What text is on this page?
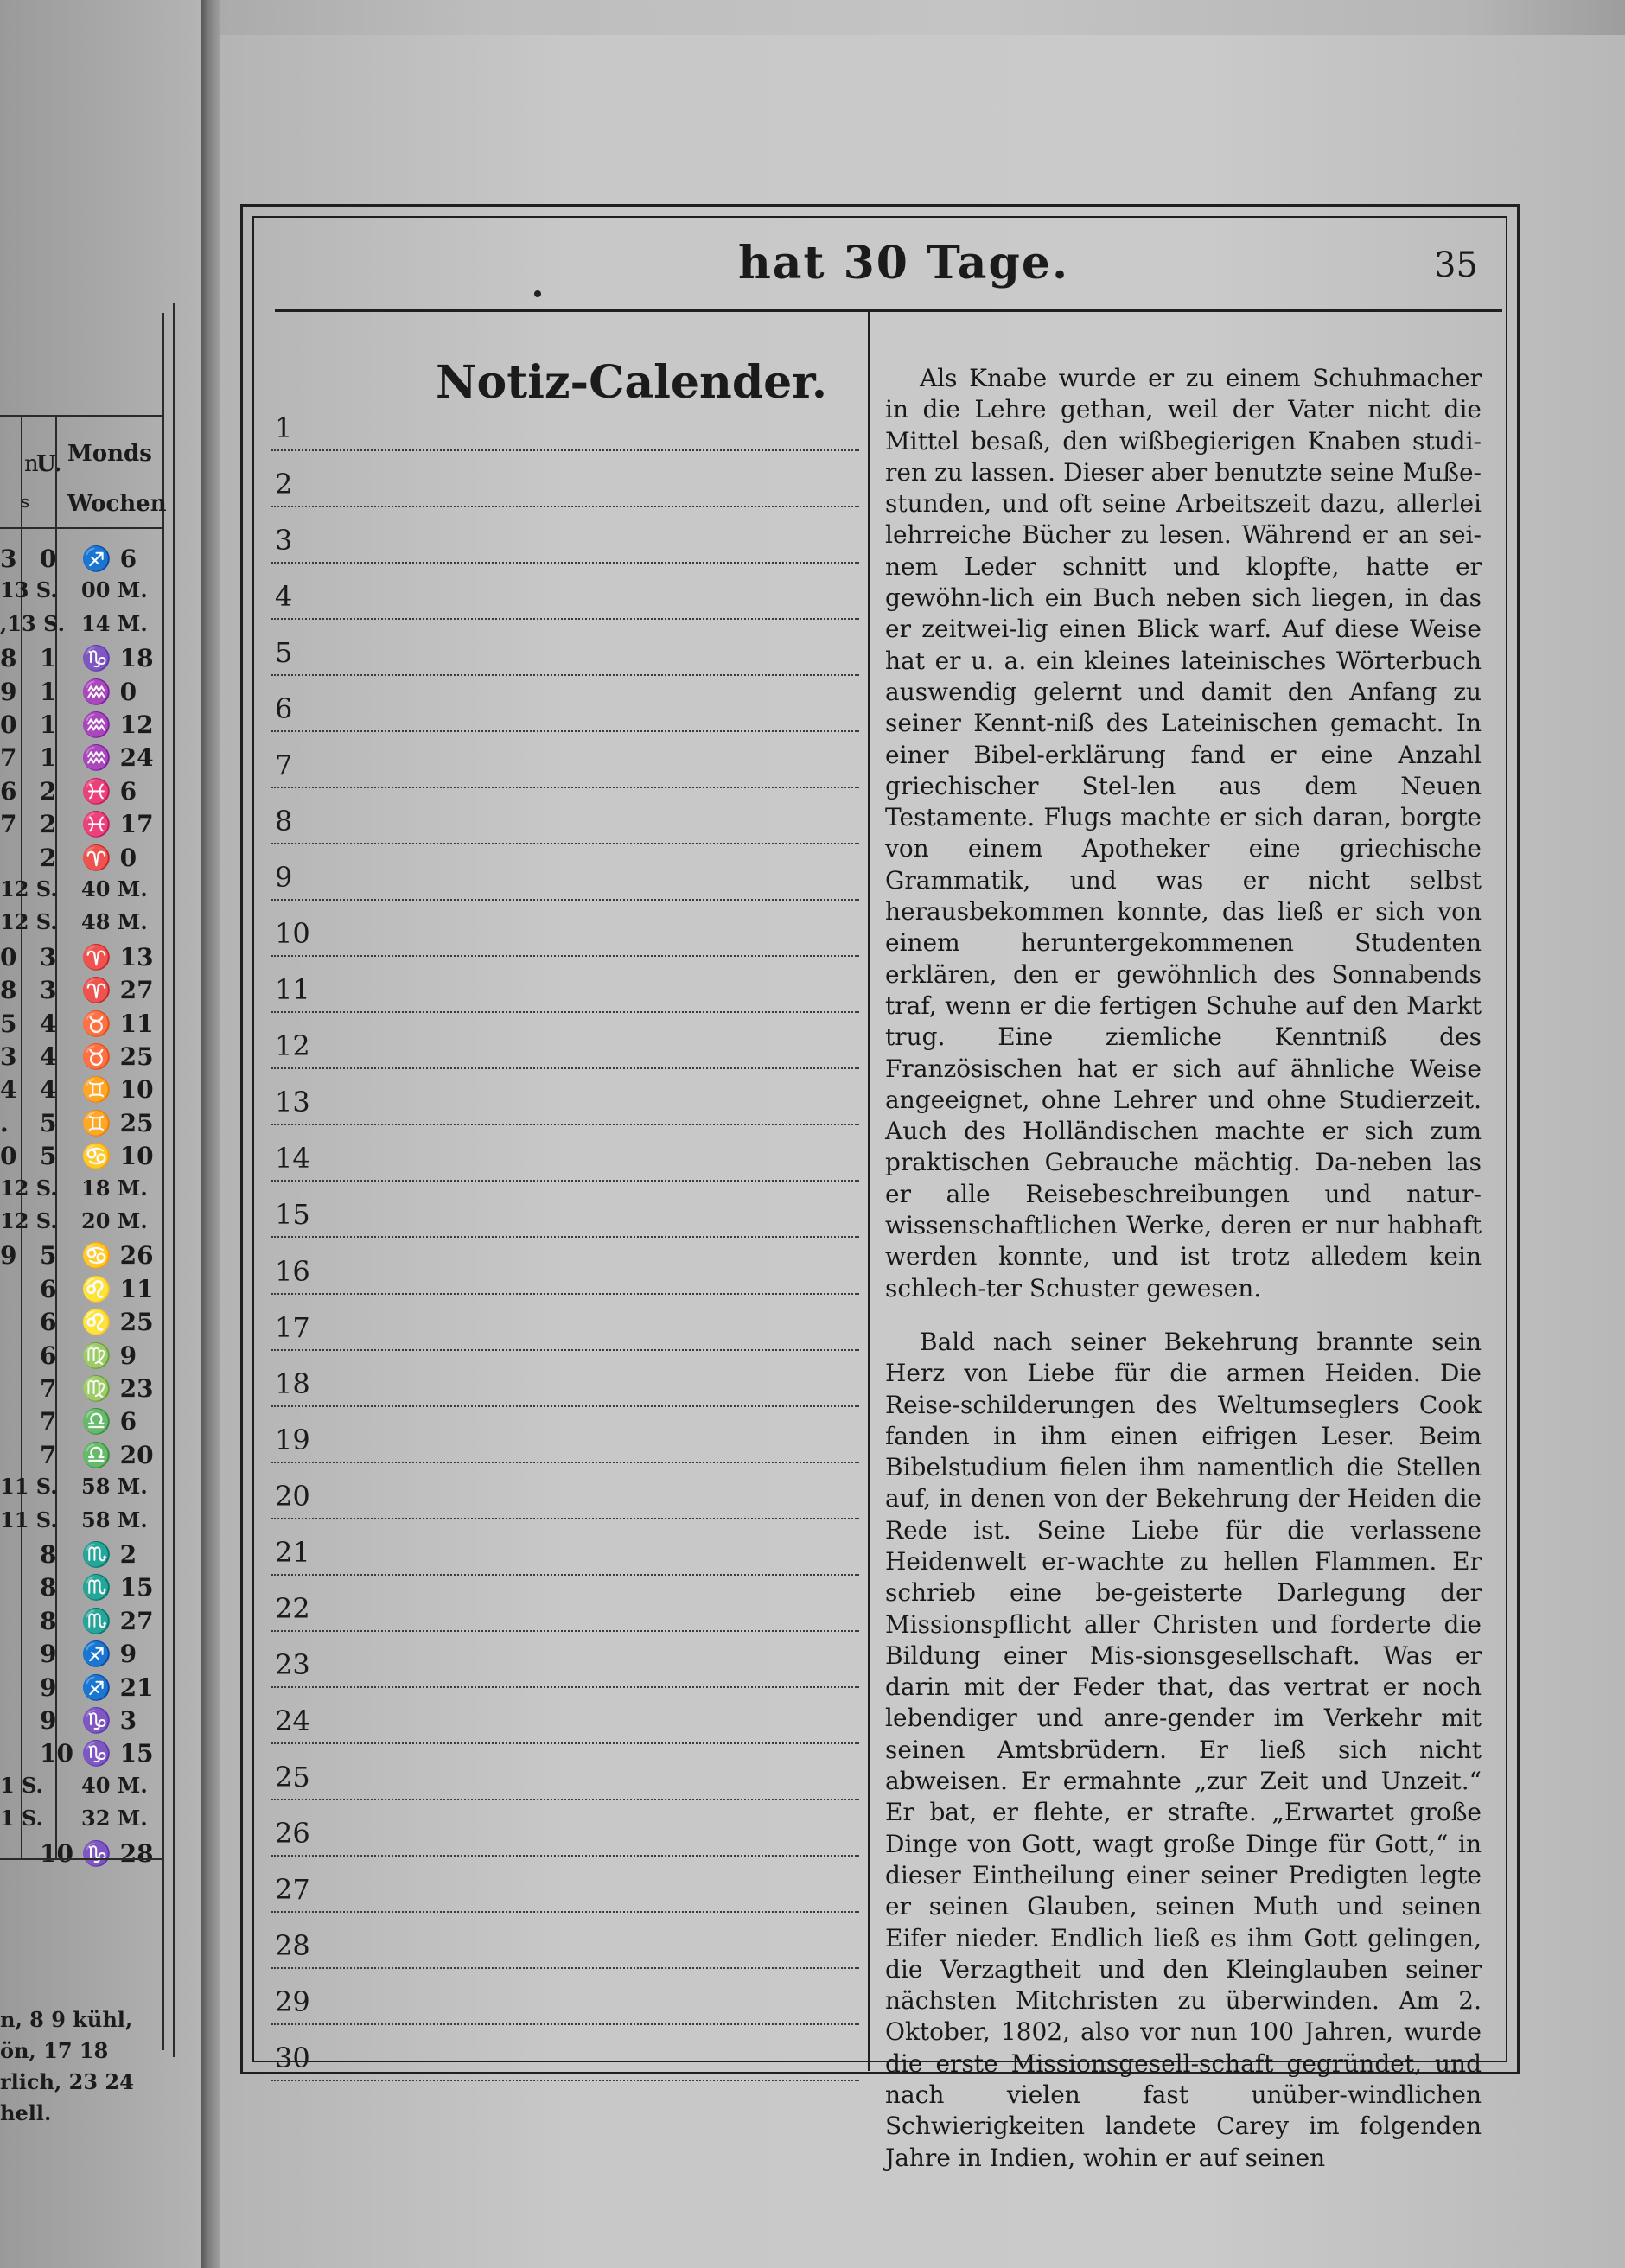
n
s
U. Monds
Wochen
3 0 ♐ 6
13 S. 00 M.
,13 S. 14 M.
8 1 ♑ 18
9 1 ♒ 0
0 1 ♒ 12
7 1 ♒ 24
6 2 ♓ 6
7 2 ♓ 17
2 ♈ 0
12 S. 40 M.
12 S. 48 M.
0 3 ♈ 13
8 3 ♈ 27
5 4 ♉ 11
3 4 ♉ 25
4 4 ♊ 10
. 5 ♊ 25
0 5 ♋ 10
12 S. 18 M.
12 S. 20 M.
9 5 ♋ 26
6 ♌ 11
6 ♌ 25
6 ♍ 9
7 ♍ 23
7 ♎ 6
7 ♎ 20
11 S. 58 M.
11 S. 58 M.
8 ♏ 2
8 ♏ 15
8 ♏ 27
9 ♐ 9
9 ♐ 21
9 ♑ 3
10 ♑ 15
1 S. 40 M.
1 S. 32 M.
10 ♑ 28
n, 8 9 kühl,
ön, 17 18
rlich, 23 24
hell.
hat 30 Tage.	35
Notiz-Calender.
1
2
3
4
5
6
7
8
9
10
11
12
13
14
15
16
17
18
19
20
21
22
23
24
25
26
27
28
29
30

Als Knabe wurde er zu einem Schuhmacher in die Lehre gethan, weil der Vater nicht die Mittel besaß, den wißbegierigen Knaben studi-ren zu lassen. Dieser aber benutzte seine Muße-stunden, und oft seine Arbeitszeit dazu, allerlei lehrreiche Bücher zu lesen. Während er an sei-nem Leder schnitt und klopfte, hatte er gewöhn-lich ein Buch neben sich liegen, in das er zeitwei-lig einen Blick warf. Auf diese Weise hat er u. a. ein kleines lateinisches Wörterbuch auswendig gelernt und damit den Anfang zu seiner Kennt-niß des Lateinischen gemacht. In einer Bibel-erklärung fand er eine Anzahl griechischer Stel-len aus dem Neuen Testamente. Flugs machte er sich daran, borgte von einem Apotheker eine griechische Grammatik, und was er nicht selbst herausbekommen konnte, das ließ er sich von einem heruntergekommenen Studenten erklären, den er gewöhnlich des Sonnabends traf, wenn er die fertigen Schuhe auf den Markt trug. Eine ziemliche Kenntniß des Französischen hat er sich auf ähnliche Weise angeeignet, ohne Lehrer und ohne Studierzeit. Auch des Holländischen machte er sich zum praktischen Gebrauche mächtig. Da-neben las er alle Reisebeschreibungen und natur-wissenschaftlichen Werke, deren er nur habhaft werden konnte, und ist trotz alledem kein schlech-ter Schuster gewesen.

Bald nach seiner Bekehrung brannte sein Herz von Liebe für die armen Heiden. Die Reise-schilderungen des Weltumseglers Cook fanden in ihm einen eifrigen Leser. Beim Bibelstudium fielen ihm namentlich die Stellen auf, in denen von der Bekehrung der Heiden die Rede ist. Seine Liebe für die verlassene Heidenwelt er-wachte zu hellen Flammen. Er schrieb eine be-geisterte Darlegung der Missionspflicht aller Christen und forderte die Bildung einer Mis-sionsgesellschaft. Was er darin mit der Feder that, das vertrat er noch lebendiger und anre-gender im Verkehr mit seinen Amtsbrüdern. Er ließ sich nicht abweisen. Er ermahnte „zur Zeit und Unzeit.“ Er bat, er flehte, er strafte. „Erwartet große Dinge von Gott, wagt große Dinge für Gott,“ in dieser Eintheilung einer seiner Predigten legte er seinen Glauben, seinen Muth und seinen Eifer nieder. Endlich ließ es ihm Gott gelingen, die Verzagtheit und den Kleinglauben seiner nächsten Mitchristen zu überwinden. Am 2. Oktober, 1802, also vor nun 100 Jahren, wurde die erste Missionsgesell-schaft gegründet, und nach vielen fast unüber-windlichen Schwierigkeiten landete Carey im folgenden Jahre in Indien, wohin er auf seinen
